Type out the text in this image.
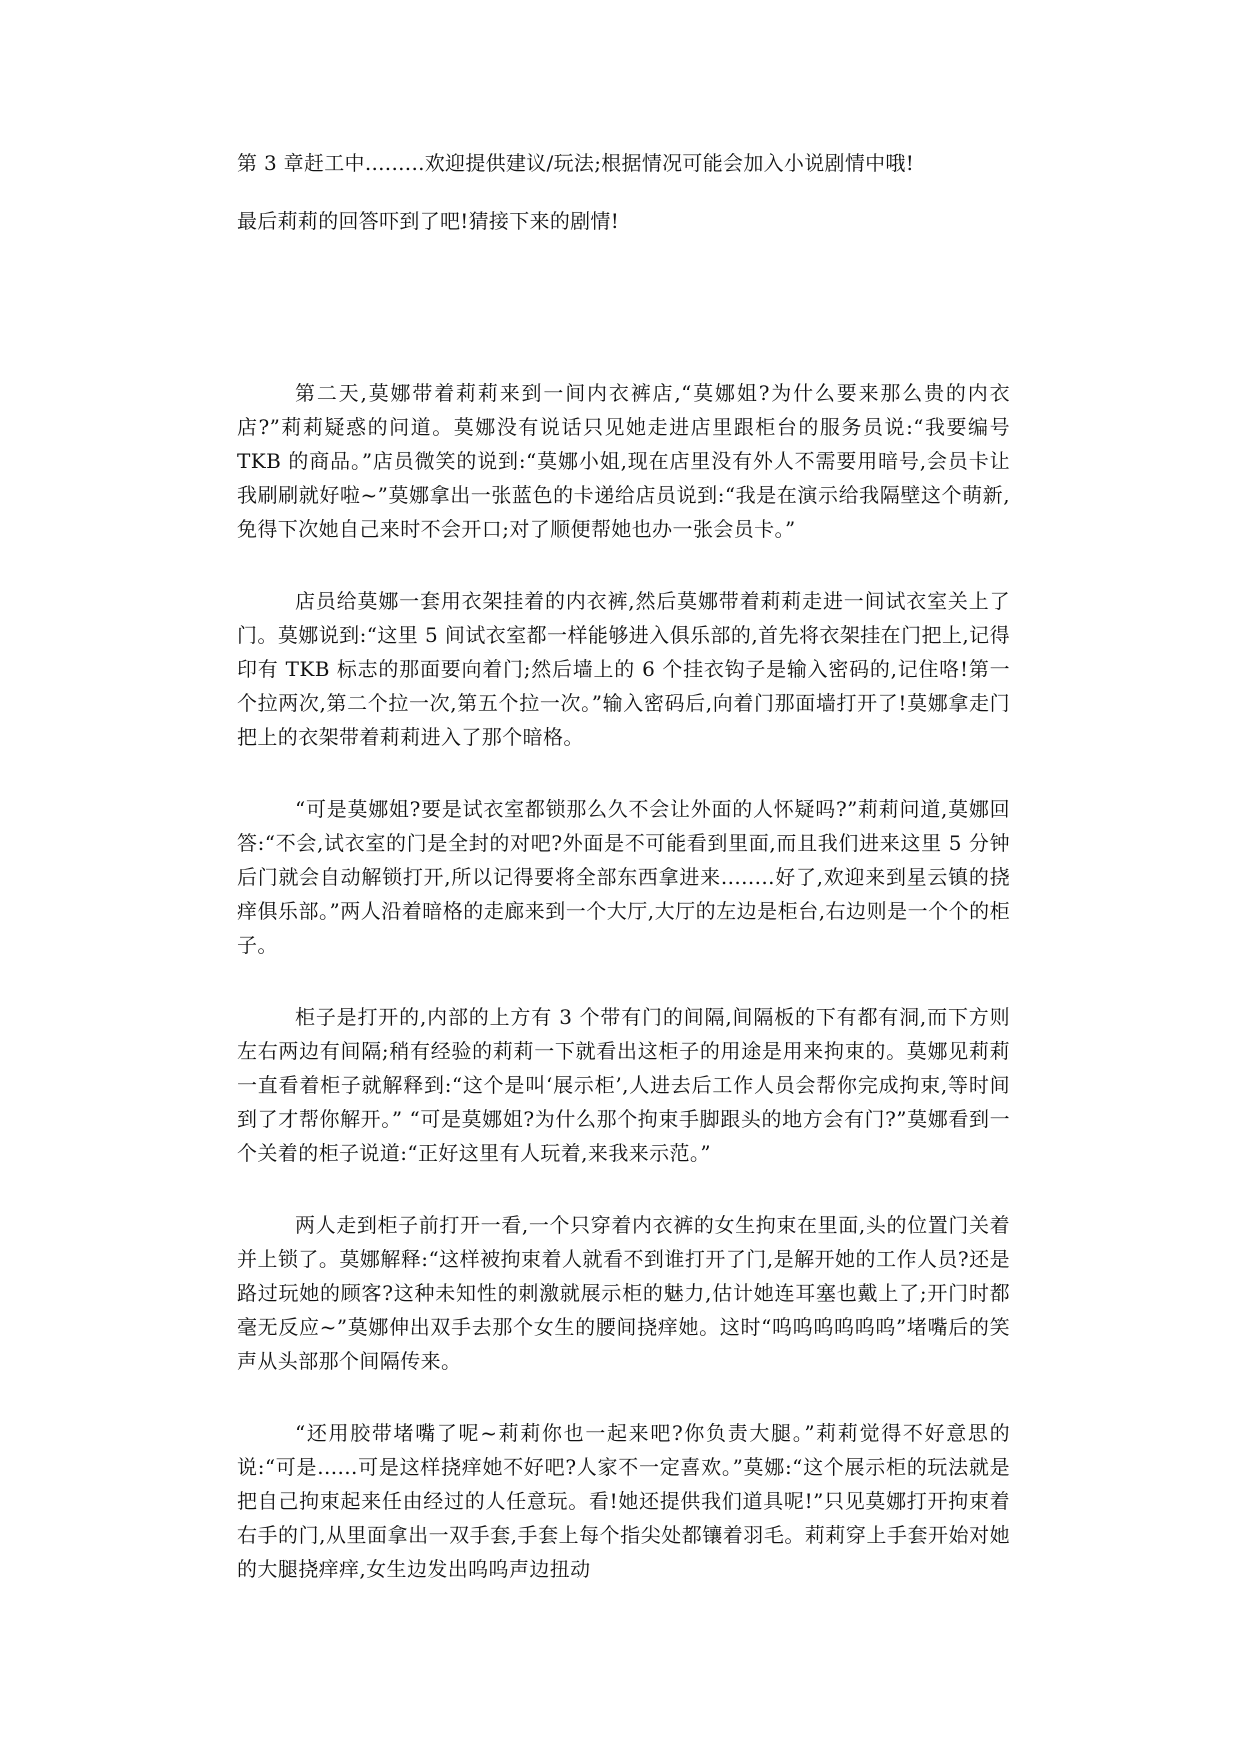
第 3 章赶工中.........欢迎提供建议/玩法;根据情况可能会加入小说剧情中哦!

最后莉莉的回答吓到了吧!猜接下来的剧情!

第二天,莫娜带着莉莉来到一间内衣裤店,“莫娜姐?为什么要来那么贵的内衣店?”莉莉疑惑的问道。莫娜没有说话只见她走进店里跟柜台的服务员说:“我要编号 TKB 的商品。”店员微笑的说到:“莫娜小姐,现在店里没有外人不需要用暗号,会员卡让我刷刷就好啦~”莫娜拿出一张蓝色的卡递给店员说到:“我是在演示给我隔壁这个萌新,免得下次她自己来时不会开口;对了顺便帮她也办一张会员卡。”

店员给莫娜一套用衣架挂着的内衣裤,然后莫娜带着莉莉走进一间试衣室关上了门。莫娜说到:“这里 5 间试衣室都一样能够进入俱乐部的,首先将衣架挂在门把上,记得印有 TKB 标志的那面要向着门;然后墙上的 6 个挂衣钩子是输入密码的,记住咯!第一个拉两次,第二个拉一次,第五个拉一次。”输入密码后,向着门那面墙打开了!莫娜拿走门把上的衣架带着莉莉进入了那个暗格。

“可是莫娜姐?要是试衣室都锁那么久不会让外面的人怀疑吗?”莉莉问道,莫娜回答:“不会,试衣室的门是全封的对吧?外面是不可能看到里面,而且我们进来这里 5 分钟后门就会自动解锁打开,所以记得要将全部东西拿进来........好了,欢迎来到星云镇的挠痒俱乐部。”两人沿着暗格的走廊来到一个大厅,大厅的左边是柜台,右边则是一个个的柜子。

柜子是打开的,内部的上方有 3 个带有门的间隔,间隔板的下有都有洞,而下方则左右两边有间隔;稍有经验的莉莉一下就看出这柜子的用途是用来拘束的。莫娜见莉莉一直看着柜子就解释到:“这个是叫‘展示柜’,人进去后工作人员会帮你完成拘束,等时间到了才帮你解开。” “可是莫娜姐?为什么那个拘束手脚跟头的地方会有门?”莫娜看到一个关着的柜子说道:“正好这里有人玩着,来我来示范。”

两人走到柜子前打开一看,一个只穿着内衣裤的女生拘束在里面,头的位置门关着并上锁了。莫娜解释:“这样被拘束着人就看不到谁打开了门,是解开她的工作人员?还是路过玩她的顾客?这种未知性的刺激就展示柜的魅力,估计她连耳塞也戴上了;开门时都毫无反应~”莫娜伸出双手去那个女生的腰间挠痒她。这时“呜呜呜呜呜呜”堵嘴后的笑声从头部那个间隔传来。

“还用胶带堵嘴了呢~莉莉你也一起来吧?你负责大腿。”莉莉觉得不好意思的说:“可是......可是这样挠痒她不好吧?人家不一定喜欢。”莫娜:“这个展示柜的玩法就是把自己拘束起来任由经过的人任意玩。看!她还提供我们道具呢!”只见莫娜打开拘束着右手的门,从里面拿出一双手套,手套上每个指尖处都镶着羽毛。莉莉穿上手套开始对她的大腿挠痒痒,女生边发出呜呜声边扭动
